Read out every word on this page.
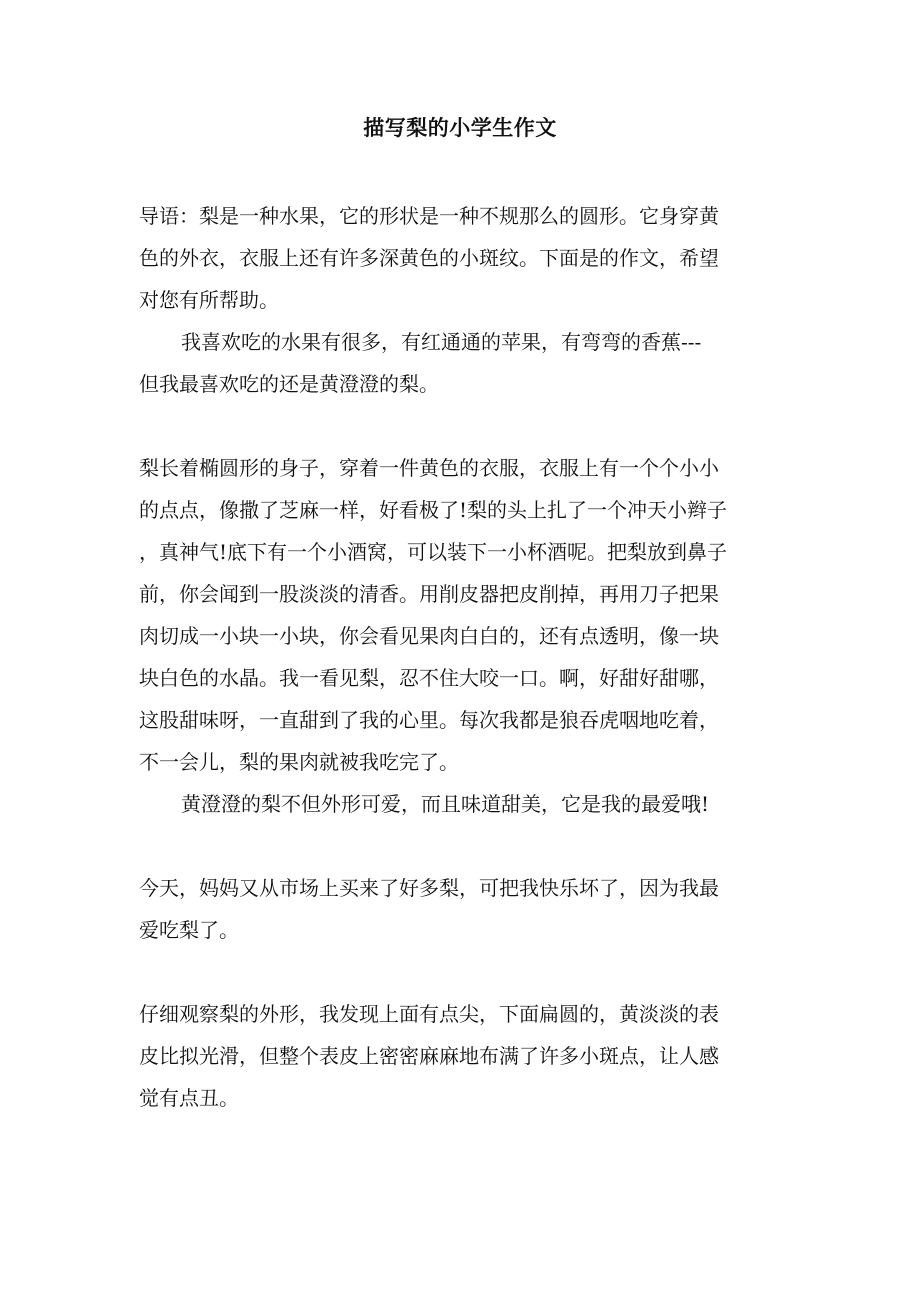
描写梨的小学生作文
导语：梨是一种水果，它的形状是一种不规那么的圆形。它身穿黄
色的外衣，衣服上还有许多深黄色的小斑纹。下面是的作文，希望
对您有所帮助。
我喜欢吃的水果有很多，有红通通的苹果，有弯弯的香蕉---
但我最喜欢吃的还是黄澄澄的梨。
梨长着椭圆形的身子，穿着一件黄色的衣服，衣服上有一个个小小
的点点，像撒了芝麻一样，好看极了!梨的头上扎了一个冲天小辫子
，真神气!底下有一个小酒窝，可以装下一小杯酒呢。把梨放到鼻子
前，你会闻到一股淡淡的清香。用削皮器把皮削掉，再用刀子把果
肉切成一小块一小块，你会看见果肉白白的，还有点透明，像一块
块白色的水晶。我一看见梨，忍不住大咬一口。啊，好甜好甜哪，
这股甜味呀，一直甜到了我的心里。每次我都是狼吞虎咽地吃着，
不一会儿，梨的果肉就被我吃完了。
黄澄澄的梨不但外形可爱，而且味道甜美，它是我的最爱哦!
今天，妈妈又从市场上买来了好多梨，可把我快乐坏了，因为我最
爱吃梨了。
仔细观察梨的外形，我发现上面有点尖，下面扁圆的，黄淡淡的表
皮比拟光滑，但整个表皮上密密麻麻地布满了许多小斑点，让人感
觉有点丑。
